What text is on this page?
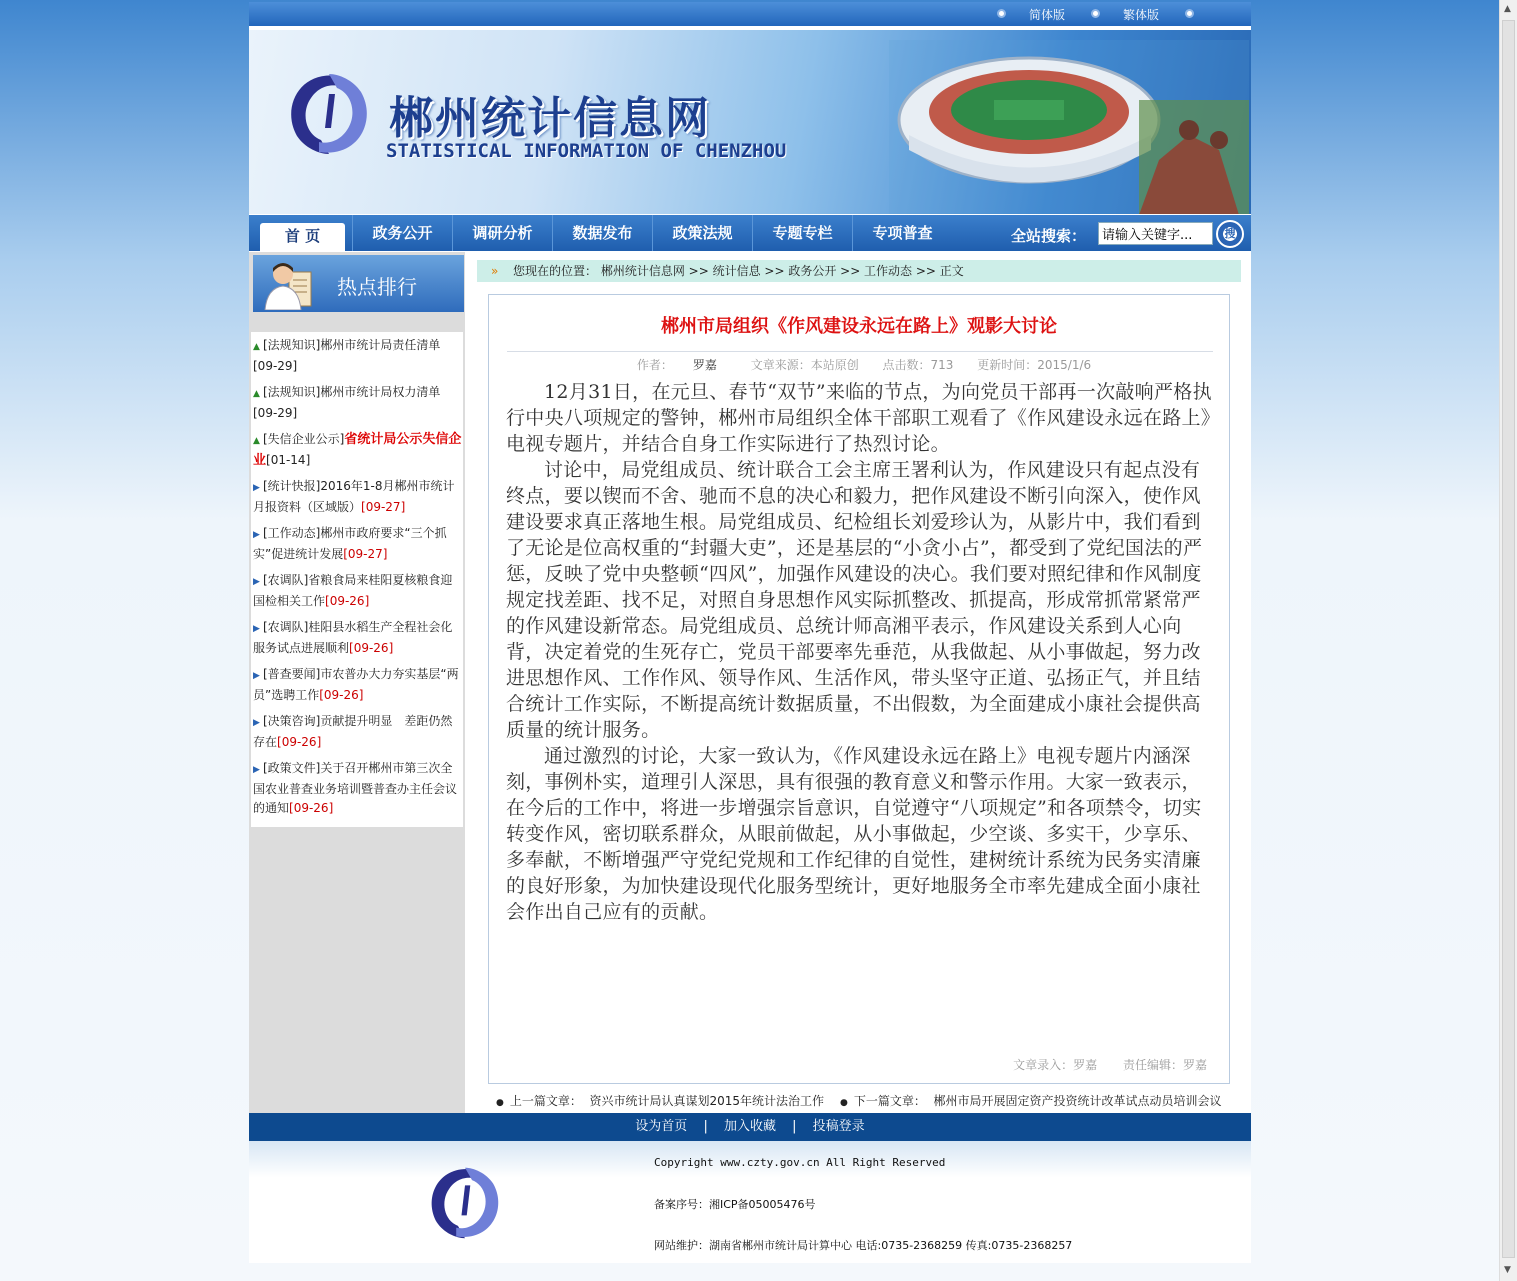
简体版	繁体版
郴州统计信息网
STATISTICAL INFORMATION OF CHENZHOU
首 页	政务公开	调研分析	数据发布	政策法规	专题专栏	专项普查	全站搜索：
请输入关键字...	搜
热点排行
▲ [法规知识]郴州市统计局责任清单
[09-29]
▲ [法规知识]郴州市统计局权力清单
[09-29]
▲ [失信企业公示]省统计局公示失信企业[01-14]
▶ [统计快报]2016年1-8月郴州市统计月报资料（区域版）[09-27]
▶ [工作动态]郴州市政府要求“三个抓实”促进统计发展[09-27]
▶ [农调队]省粮食局来桂阳夏核粮食迎国检相关工作[09-26]
▶ [农调队]桂阳县水稻生产全程社会化服务试点进展顺利[09-26]
▶ [普查要闻]市农普办大力夯实基层“两员”选聘工作[09-26]
▶ [决策咨询]贡献提升明显　差距仍然存在[09-26]
▶ [政策文件]关于召开郴州市第三次全国农业普查业务培训暨普查办主任会议的通知[09-26]
» 您现在的位置： 郴州统计信息网 >> 统计信息 >> 政务公开 >> 工作动态 >> 正文
郴州市局组织《作风建设永远在路上》观影大讨论
作者： 罗嘉	文章来源：本站原创 点击数：713 更新时间：2015/1/6

12月31日，在元旦、春节“双节”来临的节点，为向党员干部再一次敲响严格执行中央八项规定的警钟，郴州市局组织全体干部职工观看了《作风建设永远在路上》电视专题片，并结合自身工作实际进行了热烈讨论。

讨论中，局党组成员、统计联合工会主席王署利认为，作风建设只有起点没有终点，要以锲而不舍、驰而不息的决心和毅力，把作风建设不断引向深入，使作风建设要求真正落地生根。局党组成员、纪检组长刘爱珍认为，从影片中，我们看到了无论是位高权重的“封疆大吏”，还是基层的“小贪小占”，都受到了党纪国法的严惩，反映了党中央整顿“四风”，加强作风建设的决心。我们要对照纪律和作风制度规定找差距、找不足，对照自身思想作风实际抓整改、抓提高，形成常抓常紧常严的作风建设新常态。局党组成员、总统计师高湘平表示，作风建设关系到人心向背，决定着党的生死存亡，党员干部要率先垂范，从我做起、从小事做起，努力改进思想作风、工作作风、领导作风、生活作风，带头坚守正道、弘扬正气，并且结合统计工作实际，不断提高统计数据质量，不出假数，为全面建成小康社会提供高质量的统计服务。

通过激烈的讨论，大家一致认为，《作风建设永远在路上》电视专题片内涵深刻，事例朴实，道理引人深思，具有很强的教育意义和警示作用。大家一致表示，在今后的工作中，将进一步增强宗旨意识，自觉遵守“八项规定”和各项禁令，切实转变作风，密切联系群众，从眼前做起，从小事做起，少空谈、多实干，少享乐、多奉献，不断增强严守党纪党规和工作纪律的自觉性，建树统计系统为民务实清廉的良好形象，为加快建设现代化服务型统计，更好地服务全市率先建成全面小康社会作出自己应有的贡献。

文章录入：罗嘉 责任编辑：罗嘉
● 上一篇文章： 资兴市统计局认真谋划2015年统计法治工作 ● 下一篇文章： 郴州市局开展固定资产投资统计改革试点动员培训会议
设为首页 | 加入收藏 | 投稿登录
Copyright www.czty.gov.cn All Right Reserved
备案序号：湘ICP备05005476号
网站维护：湖南省郴州市统计局计算中心 电话:0735-2368259 传真:0735-2368257
▲
▼
